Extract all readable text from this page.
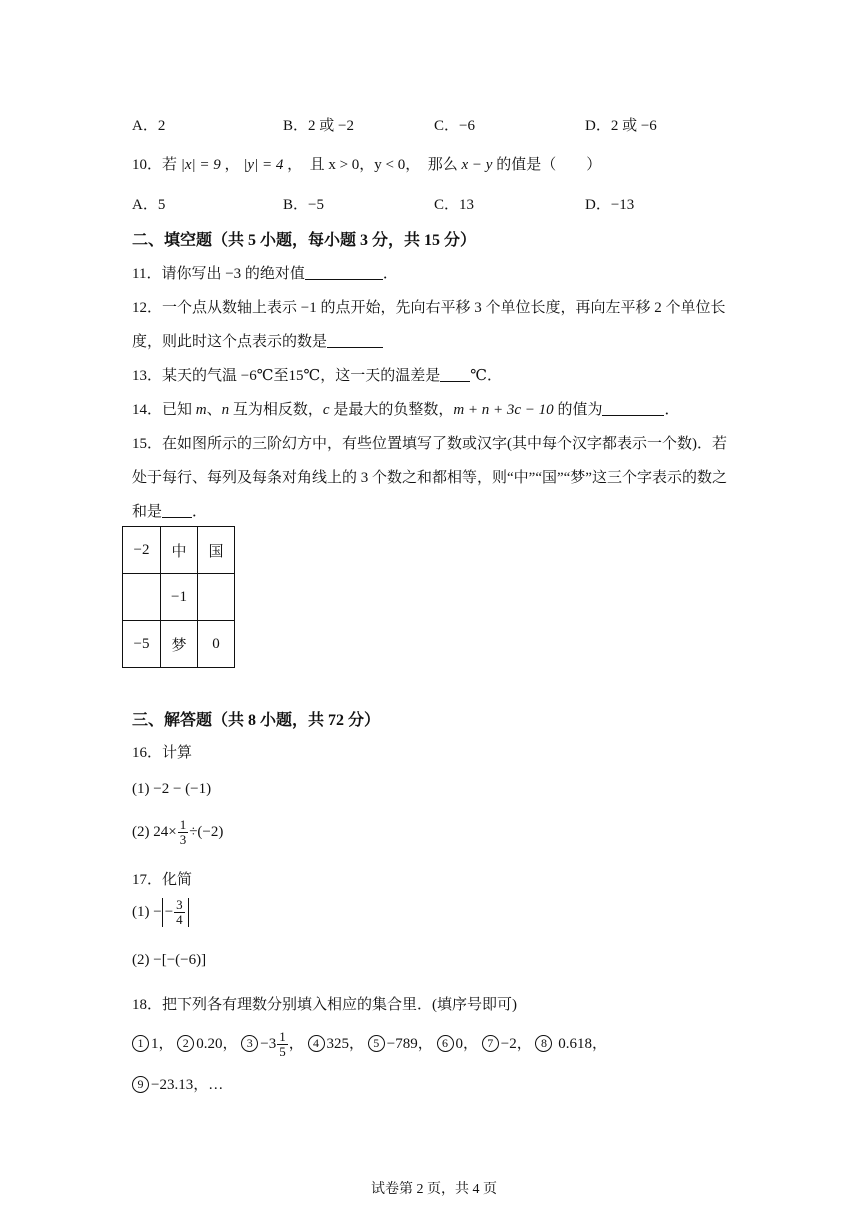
A．2	B．2 或 −2	C．−6	D．2 或 −6
10．若 |x| = 9 ， |y| = 4 ，　且 x > 0，y < 0，　那么 x − y 的值是（　　）
A．5	B．−5	C．13	D．−13
二、填空题（共 5 小题，每小题 3 分，共 15 分）
11．请你写出 −3 的绝对值	．
12．一个点从数轴上表示 −1 的点开始，先向右平移 3 个单位长度，再向左平移 2 个单位长
度，则此时这个点表示的数是
13．某天的气温 −6℃至15℃，这一天的温差是 ℃．
14．已知 m、n 互为相反数，c 是最大的负整数，m + n + 3c − 10 的值为	．
15．在如图所示的三阶幻方中，有些位置填写了数或汉字(其中每个汉字都表示一个数)．若
处于每行、每列及每条对角线上的 3 个数之和都相等，则“中”“国”“梦”这三个字表示的数之
和是 ．
−2	中	国
	−1	
−5	梦	0
三、解答题（共 8 小题，共 72 分）
16．计算
(1) −2 − (−1)
(2) $24\times \frac{1}{3} \div(-2)$
17．化简
(1) − − $\frac{3}{4}$
(2) −[−(−6)]
18．把下列各有理数分别填入相应的集合里．(填序号即可)
1 1， 2 0.20， $3 -3 \frac{1}{5}$ ， 4 325， 5 −789， 6 0， 7 −2， 8 0.618，
9 −23.13，…
试卷第 2 页，共 4 页
